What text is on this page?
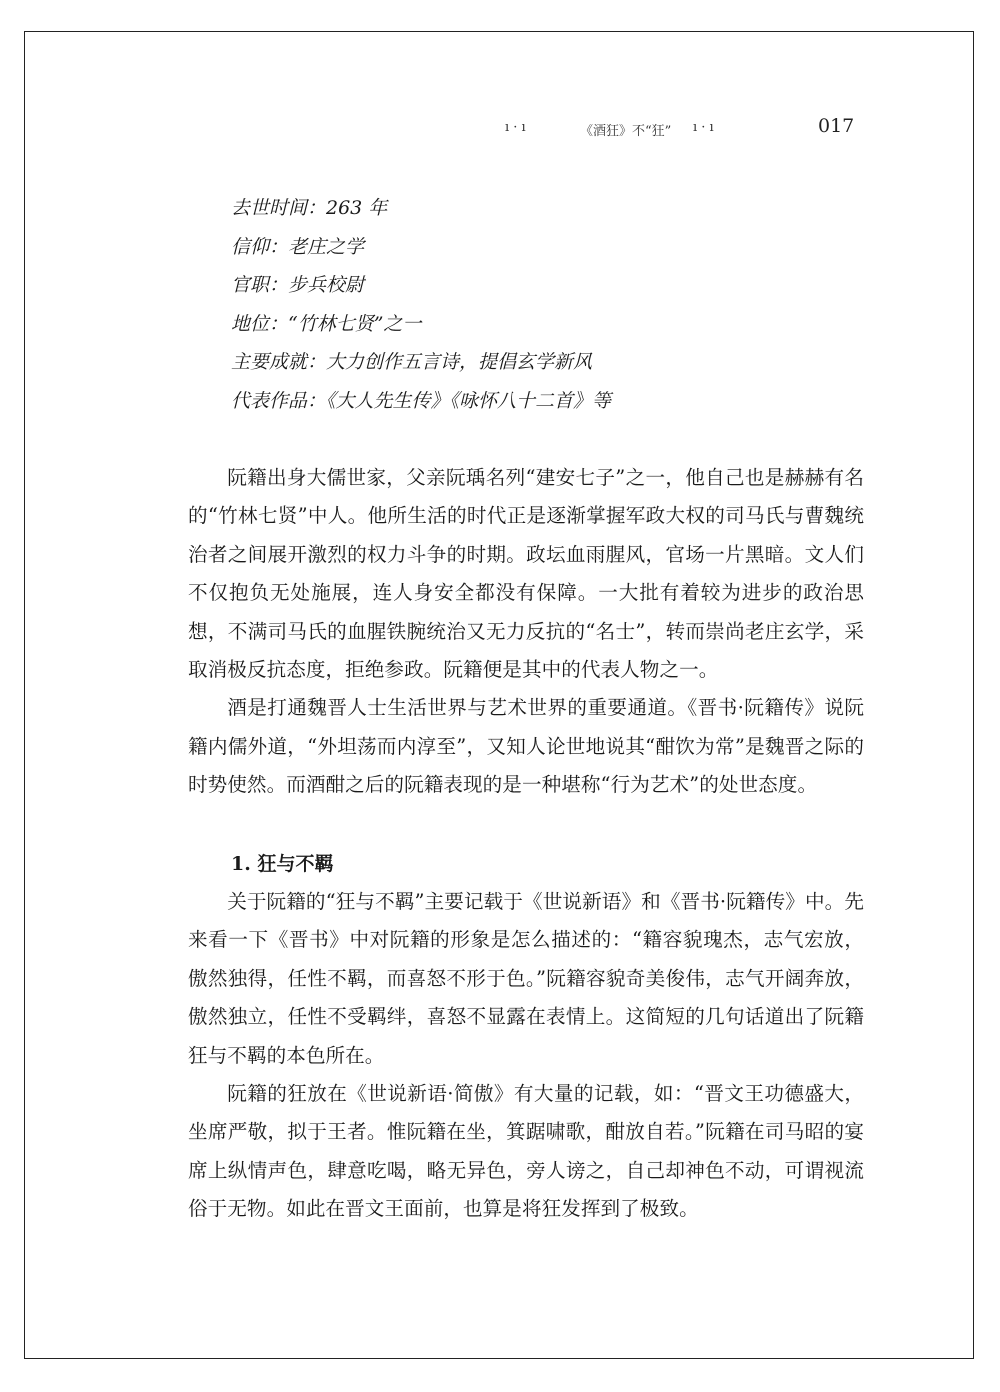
ı · ı	《酒狂》不“狂” ı · ı	017
去世时间：263 年
信仰：老庄之学
官职：步兵校尉
地位：“竹林七贤”之一
主要成就：大力创作五言诗，提倡玄学新风
代表作品：《大人先生传》《咏怀八十二首》等

阮籍出身大儒世家，父亲阮瑀名列“建安七子”之一，他自己也是赫赫有名的“竹林七贤”中人。他所生活的时代正是逐渐掌握军政大权的司马氏与曹魏统治者之间展开激烈的权力斗争的时期。政坛血雨腥风，官场一片黑暗。文人们不仅抱负无处施展，连人身安全都没有保障。一大批有着较为进步的政治思想，不满司马氏的血腥铁腕统治又无力反抗的“名士”，转而崇尚老庄玄学，采取消极反抗态度，拒绝参政。阮籍便是其中的代表人物之一。

酒是打通魏晋人士生活世界与艺术世界的重要通道。《晋书·阮籍传》说阮籍内儒外道，“外坦荡而内淳至”，又知人论世地说其“酣饮为常”是魏晋之际的时势使然。而酒酣之后的阮籍表现的是一种堪称“行为艺术”的处世态度。

1. 狂与不羁

关于阮籍的“狂与不羁”主要记载于《世说新语》和《晋书·阮籍传》中。先来看一下《晋书》中对阮籍的形象是怎么描述的：“籍容貌瑰杰，志气宏放，傲然独得，任性不羁，而喜怒不形于色。”阮籍容貌奇美俊伟，志气开阔奔放，傲然独立，任性不受羁绊，喜怒不显露在表情上。这简短的几句话道出了阮籍狂与不羁的本色所在。

阮籍的狂放在《世说新语·简傲》有大量的记载，如：“晋文王功德盛大，坐席严敬，拟于王者。惟阮籍在坐，箕踞啸歌，酣放自若。”阮籍在司马昭的宴席上纵情声色，肆意吃喝，略无异色，旁人谤之，自己却神色不动，可谓视流俗于无物。如此在晋文王面前，也算是将狂发挥到了极致。
